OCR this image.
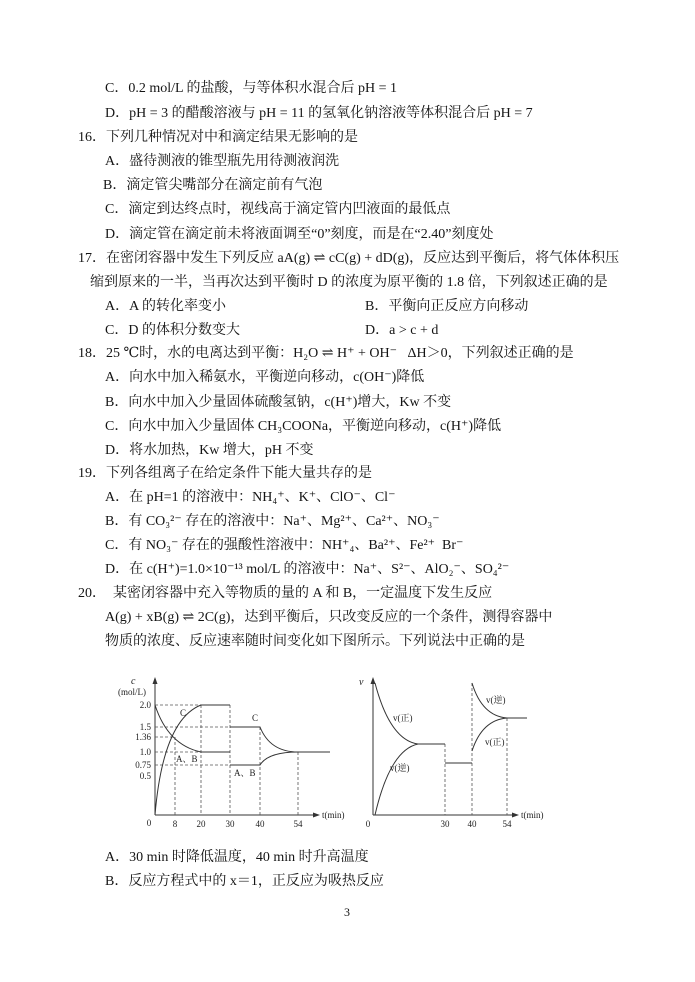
C．0.2 mol/L 的盐酸，与等体积水混合后 pH = 1
D．pH = 3 的醋酸溶液与 pH = 11 的氢氧化钠溶液等体积混合后 pH = 7
16．下列几种情况对中和滴定结果无影响的是
A．盛待测液的锥型瓶先用待测液润洗
B．滴定管尖嘴部分在滴定前有气泡
C．滴定到达终点时，视线高于滴定管内凹液面的最低点
D．滴定管在滴定前未将液面调至“0”刻度，而是在“2.40”刻度处
17．在密闭容器中发生下列反应 aA(g) ⇌ cC(g) + dD(g)，反应达到平衡后，将气体体积压
缩到原来的一半，当再次达到平衡时 D 的浓度为原平衡的 1.8 倍，下列叙述正确的是
A．A 的转化率变小	B．平衡向正反应方向移动
C．D 的体积分数变大	D．a > c + d
18．25 ℃时，水的电离达到平衡：H₂O ⇌ H⁺ + OH⁻   ΔH＞0，下列叙述正确的是
A．向水中加入稀氨水，平衡逆向移动，c(OH⁻)降低
B．向水中加入少量固体硫酸氢钠，c(H⁺)增大，Kw 不变
C．向水中加入少量固体 CH₃COONa，平衡逆向移动，c(H⁺)降低
D．将水加热，Kw 增大，pH 不变
19．下列各组离子在给定条件下能大量共存的是
A．在 pH=1 的溶液中：NH₄⁺、K⁺、ClO⁻、Cl⁻
B．有 CO₃²⁻ 存在的溶液中：Na⁺、Mg²⁺、Ca²⁺、NO₃⁻
C．有 NO₃⁻ 存在的强酸性溶液中：NH⁺₄、Ba²⁺、Fe²⁺  Br⁻
D．在 c(H⁺)=1.0×10⁻¹³ mol/L 的溶液中：Na⁺、S²⁻、AlO₂⁻、SO₄²⁻
20．  某密闭容器中充入等物质的量的 A 和 B，一定温度下发生反应
A(g) + xB(g) ⇌ 2C(g)，达到平衡后，只改变反应的一个条件，测得容器中
物质的浓度、反应速率随时间变化如下图所示。下列说法中正确的是
c
(mol/L)
2.0
1.5
1.36
1.0
0.75
0.5
0 8 20 30 40	54
t(min)
C
A、B
C
A、B
v
0	30 40	54
t(min)
v(正)
v(逆)
v(逆)
v(正)
A．30 min 时降低温度，40 min 时升高温度
B．反应方程式中的 x＝1，正反应为吸热反应
3
